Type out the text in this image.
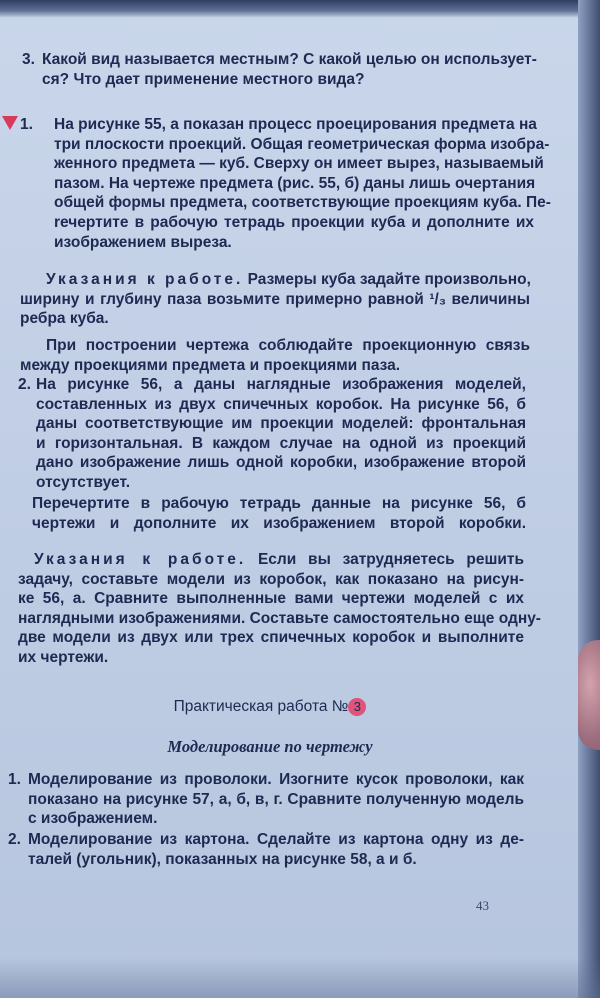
3. Какой вид называется местным? С какой целью он использует-
ся? Что дает применение местного вида?
1.	На рисунке 55, а показан процесс проецирования предмета на
три плоскости проекций. Общая геометрическая форма изобра-
женного предмета — куб. Сверху он имеет вырез, называемый
пазом. На чертеже предмета (рис. 55, б) даны лишь очертания
общей формы предмета, соответствующие проекциям куба. Пе-
rечертите в рабочую тетрадь проекции куба и дополните их
изображением выреза.
Указания к работе. Размеры куба задайте произвольно,
ширину и глубину паза возьмите примерно равной ¹/₃ величины
ребра куба.
При построении чертежа соблюдайте проекционную связь
между проекциями предмета и проекциями паза.
2. На рисунке 56, а даны наглядные изображения моделей,
составленных из двух спичечных коробок. На рисунке 56, б
даны соответствующие им проекции моделей: фронтальная
и горизонтальная. В каждом случае на одной из проекций
дано изображение лишь одной коробки, изображение второй
отсутствует.
Перечертите в рабочую тетрадь данные на рисунке 56, б
чертежи и дополните их изображением второй коробки.
Указания к работе. Если вы затрудняетесь решить
задачу, составьте модели из коробок, как показано на рисун-
ке 56, а. Сравните выполненные вами чертежи моделей с их
наглядными изображениями. Составьте самостоятельно еще одну-
две модели из двух или трех спичечных коробок и выполните
их чертежи.
Практическая работа № 3
Моделирование по чертежу
1. Моделирование из проволоки. Изогните кусок проволоки, как
показано на рисунке 57, а, б, в, г. Сравните полученную модель
с изображением.
2. Моделирование из картона. Сделайте из картона одну из де-
талей (угольник), показанных на рисунке 58, а и б.
43
